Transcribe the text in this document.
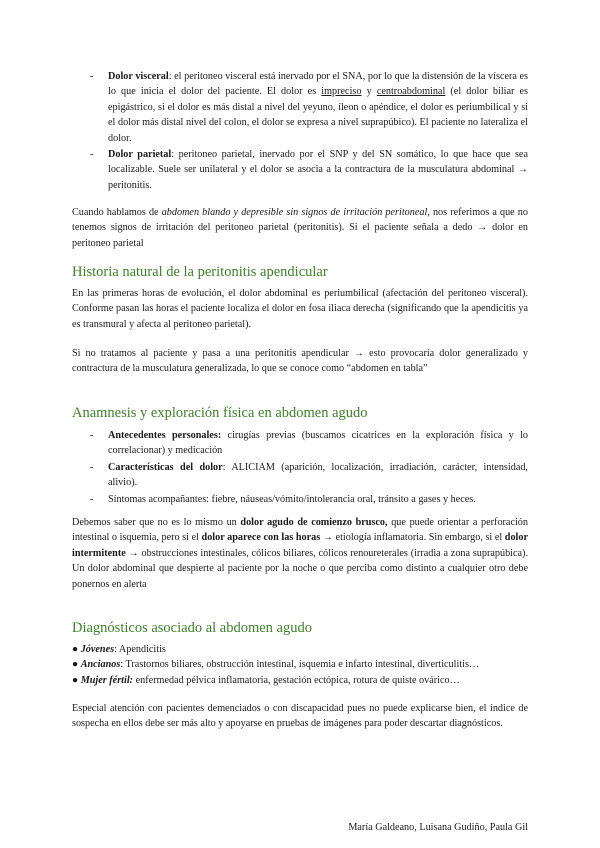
- Dolor visceral: el peritoneo visceral está inervado por el SNA, por lo que la distensión de la víscera es lo que inicia el dolor del paciente. El dolor es impreciso y centroabdominal (el dolor biliar es epigástrico, si el dolor es más distal a nivel del yeyuno, íleon o apéndice, el dolor es periumbilical y si el dolor más distal nivel del colon, el dolor se expresa a nivel suprapúbico). El paciente no lateraliza el dolor.
- Dolor parietal: peritoneo parietal, inervado por el SNP y del SN somático, lo que hace que sea localizable. Suele ser unilateral y el dolor se asocia a la contractura de la musculatura abdominal → peritonitis.

Cuando hablamos de abdomen blando y depresible sin signos de irritación peritoneal, nos referimos a que no tenemos signos de irritación del peritoneo parietal (peritonitis). Si el paciente señala a dedo → dolor en peritoneo parietal

Historia natural de la peritonitis apendicular

En las primeras horas de evolución, el dolor abdominal es periumbilical (afectación del peritoneo visceral). Conforme pasan las horas el paciente localiza el dolor en fosa iliaca derecha (significando que la apendicitis ya es transmural y afecta al peritoneo parietal).

Si no tratamos al paciente y pasa a una peritonitis apendicular → esto provocaría dolor generalizado y contractura de la musculatura generalizada, lo que se conoce como “abdomen en tabla”

Anamnesis y exploración física en abdomen agudo
- Antecedentes personales: cirugías previas (buscamos cicatrices en la exploración física y lo correlacionar) y medicación
- Características del dolor: ALICIAM (aparición, localización, irradiación, carácter, intensidad, alivio).
- Síntomas acompañantes: fiebre, náuseas/vómito/intolerancia oral, tránsito a gases y heces.

Debemos saber que no es lo mismo un dolor agudo de comienzo brusco, que puede orientar a perforación intestinal o isquemia, pero si el dolor aparece con las horas → etiología inflamatoria. Sin embargo, si el dolor intermitente → obstrucciones intestinales, cólicos biliares, cólicos renoureterales (irradia a zona suprapúbica). Un dolor abdominal que despierte al paciente por la noche o que perciba como distinto a cualquier otro debe ponernos en alerta

Diagnósticos asociado al abdomen agudo

● Jóvenes: Apendicitis

● Ancianos: Trastornos biliares, obstrucción intestinal, isquemia e infarto intestinal, diverticulitis…

● Mujer fértil: enfermedad pélvica inflamatoria, gestación ectópica, rotura de quiste ovárico…

Especial atención con pacientes demenciados o con discapacidad pues no puede explicarse bien, el índice de sospecha en ellos debe ser más alto y apoyarse en pruebas de imágenes para poder descartar diagnósticos.

María Galdeano, Luisana Gudiño, Paula Gil
